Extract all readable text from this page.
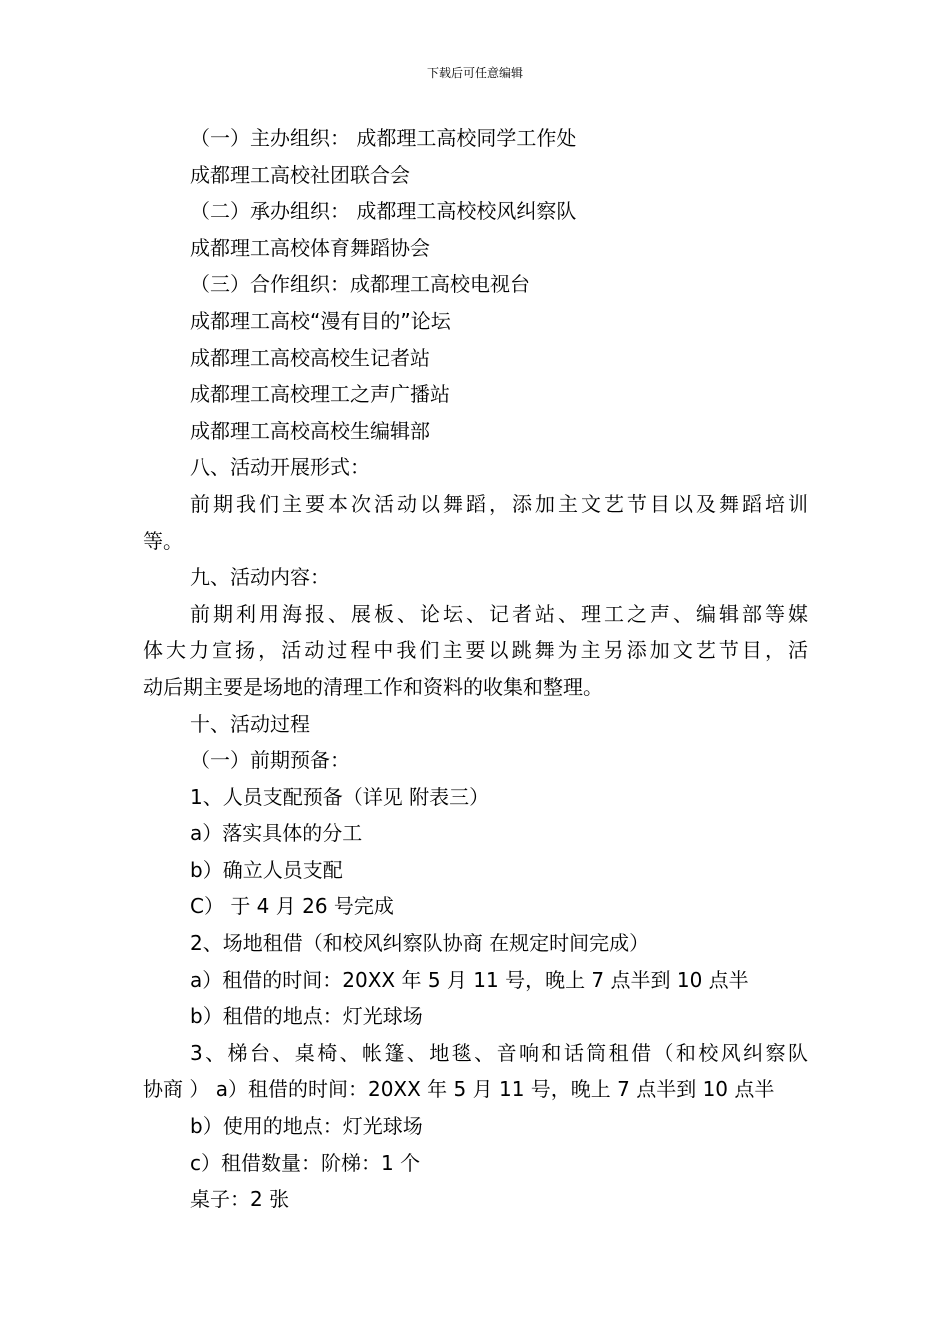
下载后可任意编辑
（一）主办组织： 成都理工高校同学工作处
成都理工高校社团联合会
（二）承办组织： 成都理工高校校风纠察队
成都理工高校体育舞蹈协会
（三）合作组织：成都理工高校电视台
成都理工高校“漫有目的”论坛
成都理工高校高校生记者站
成都理工高校理工之声广播站
成都理工高校高校生编辑部
八、活动开展形式：
前期我们主要本次活动以舞蹈，添加主文艺节目以及舞蹈培训
等。
九、活动内容：
前期利用海报、展板、论坛、记者站、理工之声、编辑部等媒
体大力宣扬，活动过程中我们主要以跳舞为主另添加文艺节目，活
动后期主要是场地的清理工作和资料的收集和整理。
十、活动过程
（一）前期预备：
1、人员支配预备（详见 附表三）
a）落实具体的分工
b）确立人员支配
C） 于 4 月 26 号完成
2、场地租借（和校风纠察队协商 在规定时间完成）
a）租借的时间：20XX 年 5 月 11 号，晚上 7 点半到 10 点半
b）租借的地点：灯光球场
3、梯台、桌椅、帐篷、地毯、音响和话筒租借（和校风纠察队
协商 ） a）租借的时间：20XX 年 5 月 11 号，晚上 7 点半到 10 点半
b）使用的地点：灯光球场
c）租借数量：阶梯：1 个
桌子：2 张
